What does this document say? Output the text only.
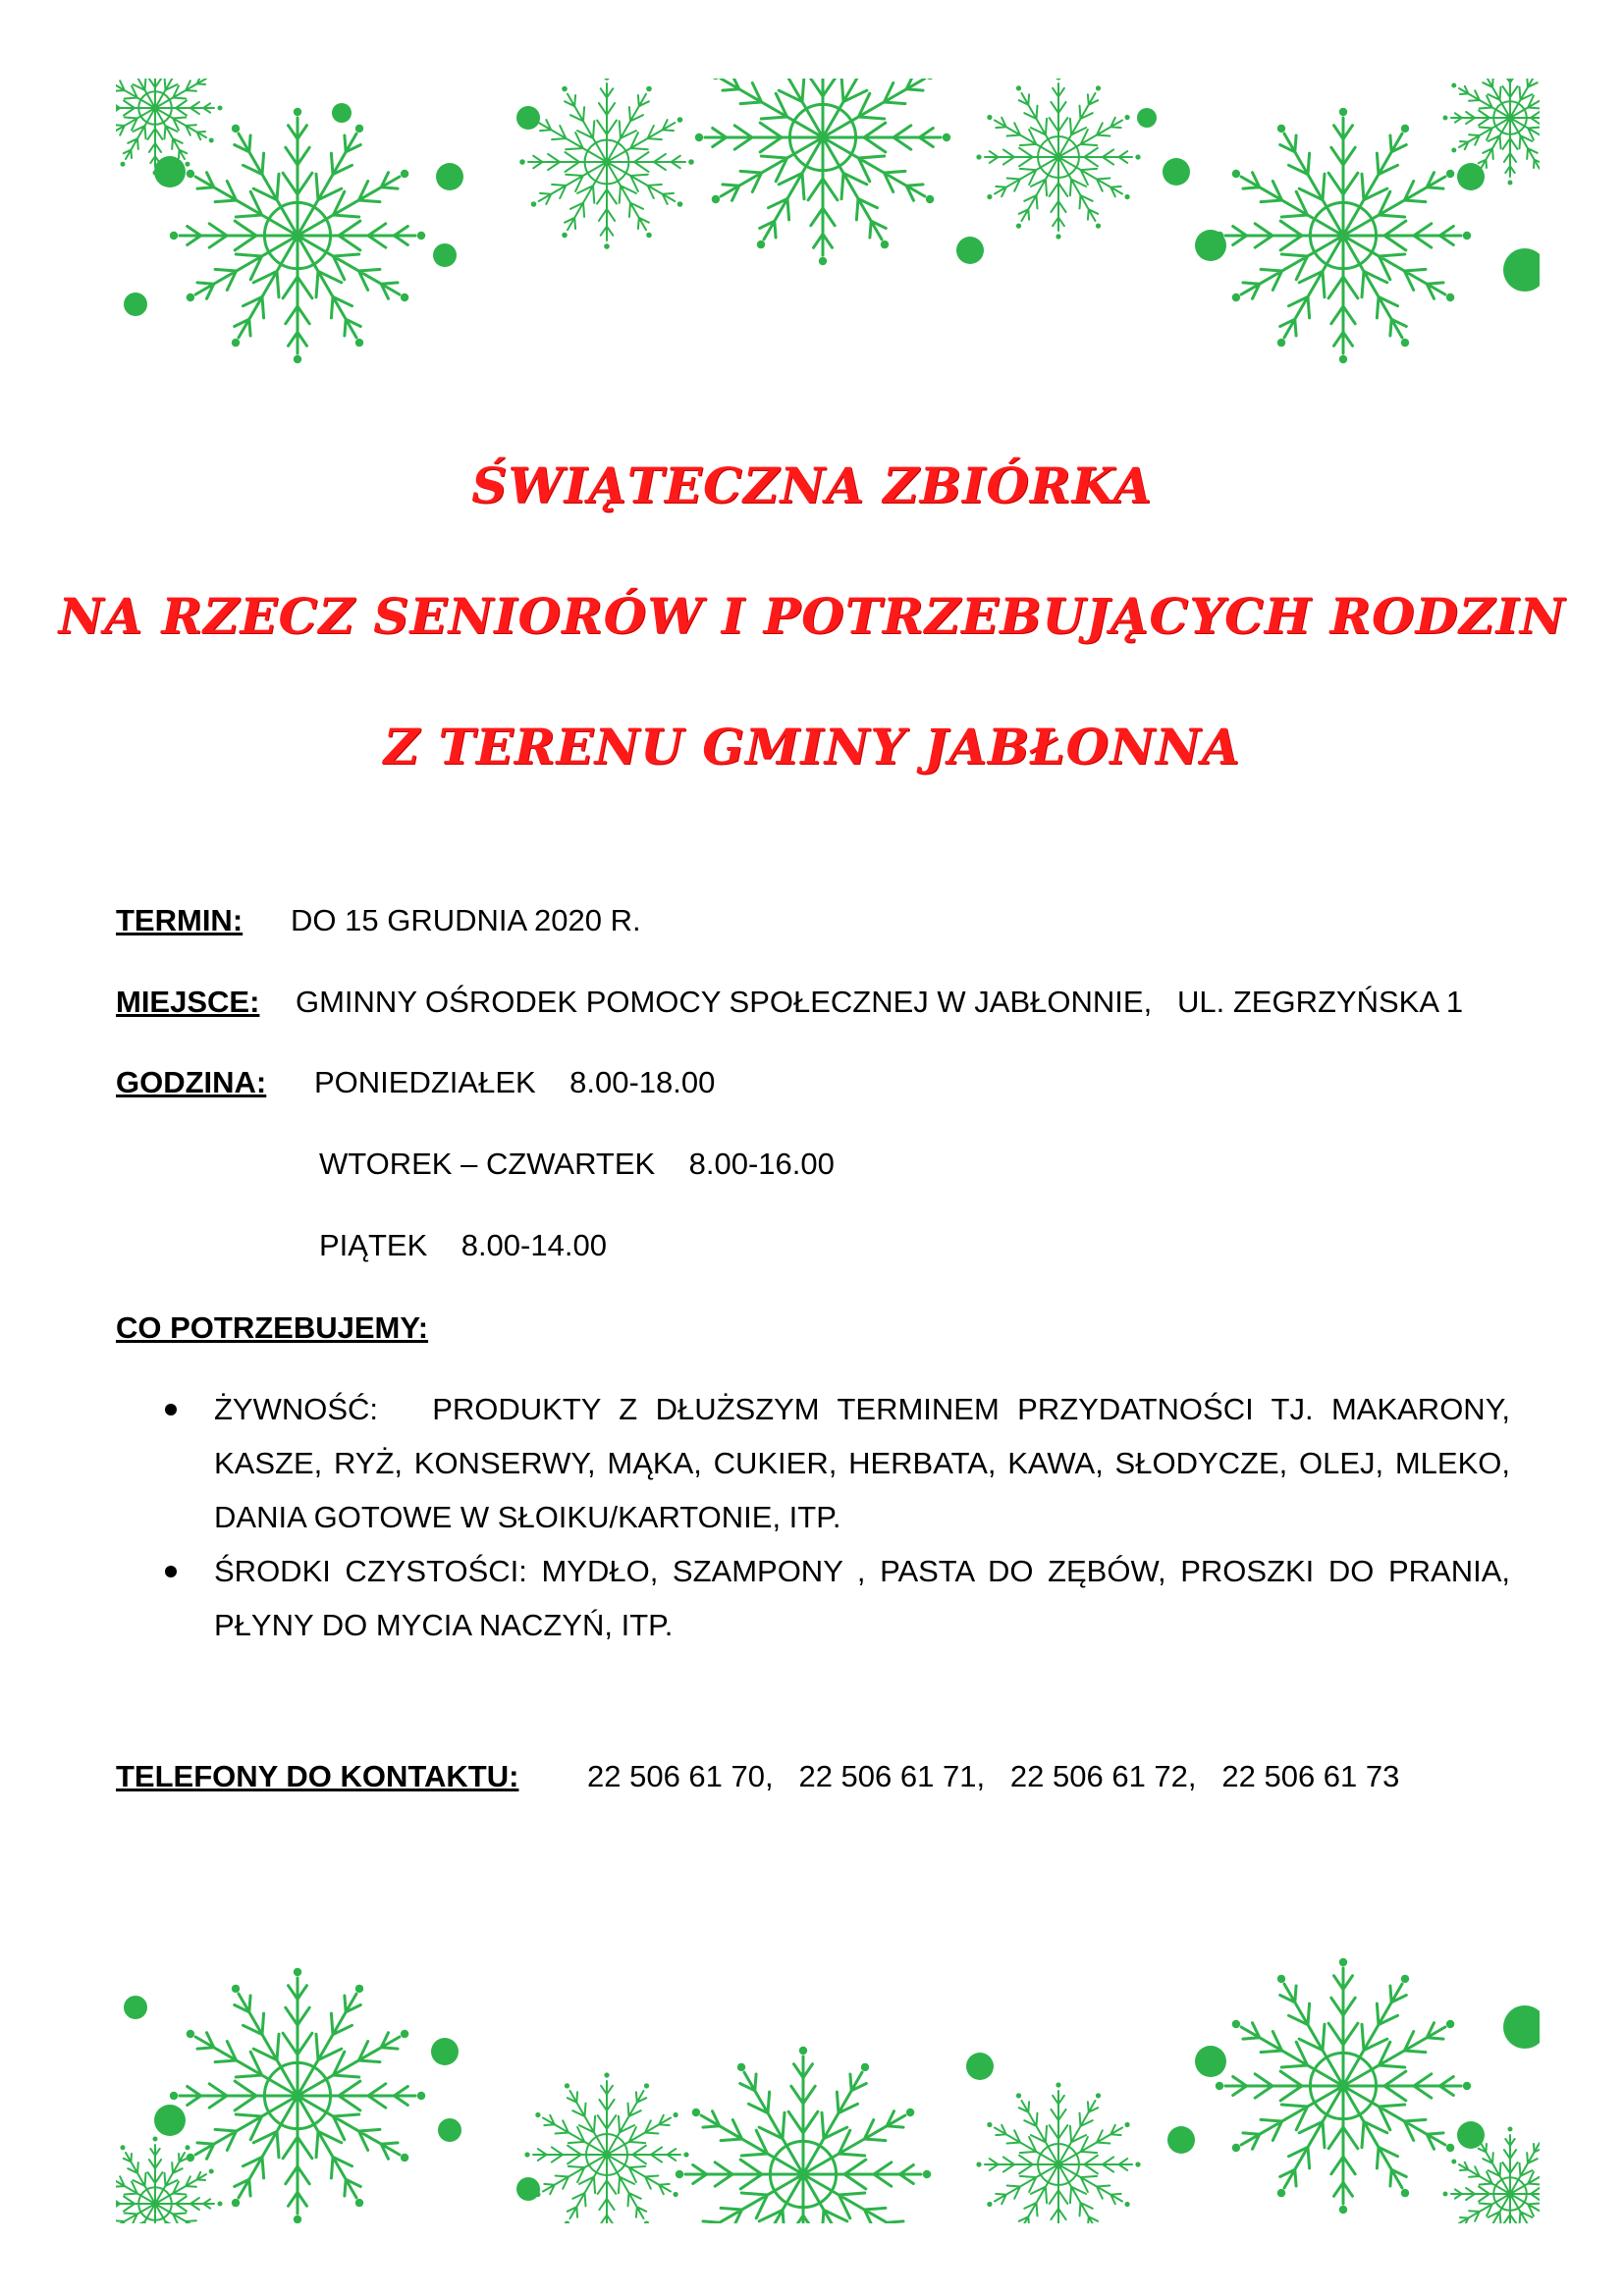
ŚWIĄTECZNA ZBIÓRKA
NA RZECZ SENIORÓW I POTRZEBUJĄCYCH RODZIN
Z TERENU GMINY JABŁONNA
TERMIN: DO 15 GRUDNIA 2020 R.
MIEJSCE: GMINNY OŚRODEK POMOCY SPOŁECZNEJ W JABŁONNIE,   UL. ZEGRZYŃSKA 1
GODZINA: PONIEDZIAŁEK    8.00-18.00
WTOREK – CZWARTEK    8.00-16.00
PIĄTEK    8.00-14.00
CO POTRZEBUJEMY:
ŻYWNOŚĆ:   PRODUKTY Z DŁUŻSZYM TERMINEM PRZYDATNOŚCI TJ. MAKARONY, KASZE, RYŻ, KONSERWY, MĄKA, CUKIER, HERBATA, KAWA, SŁODYCZE, OLEJ, MLEKO, DANIA GOTOWE W SŁOIKU/KARTONIE, ITP.
ŚRODKI CZYSTOŚCI: MYDŁO, SZAMPONY , PASTA DO ZĘBÓW, PROSZKI DO PRANIA, PŁYNY DO MYCIA NACZYŃ, ITP.
TELEFONY DO KONTAKTU: 22 506 61 70,   22 506 61 71,   22 506 61 72,   22 506 61 73
